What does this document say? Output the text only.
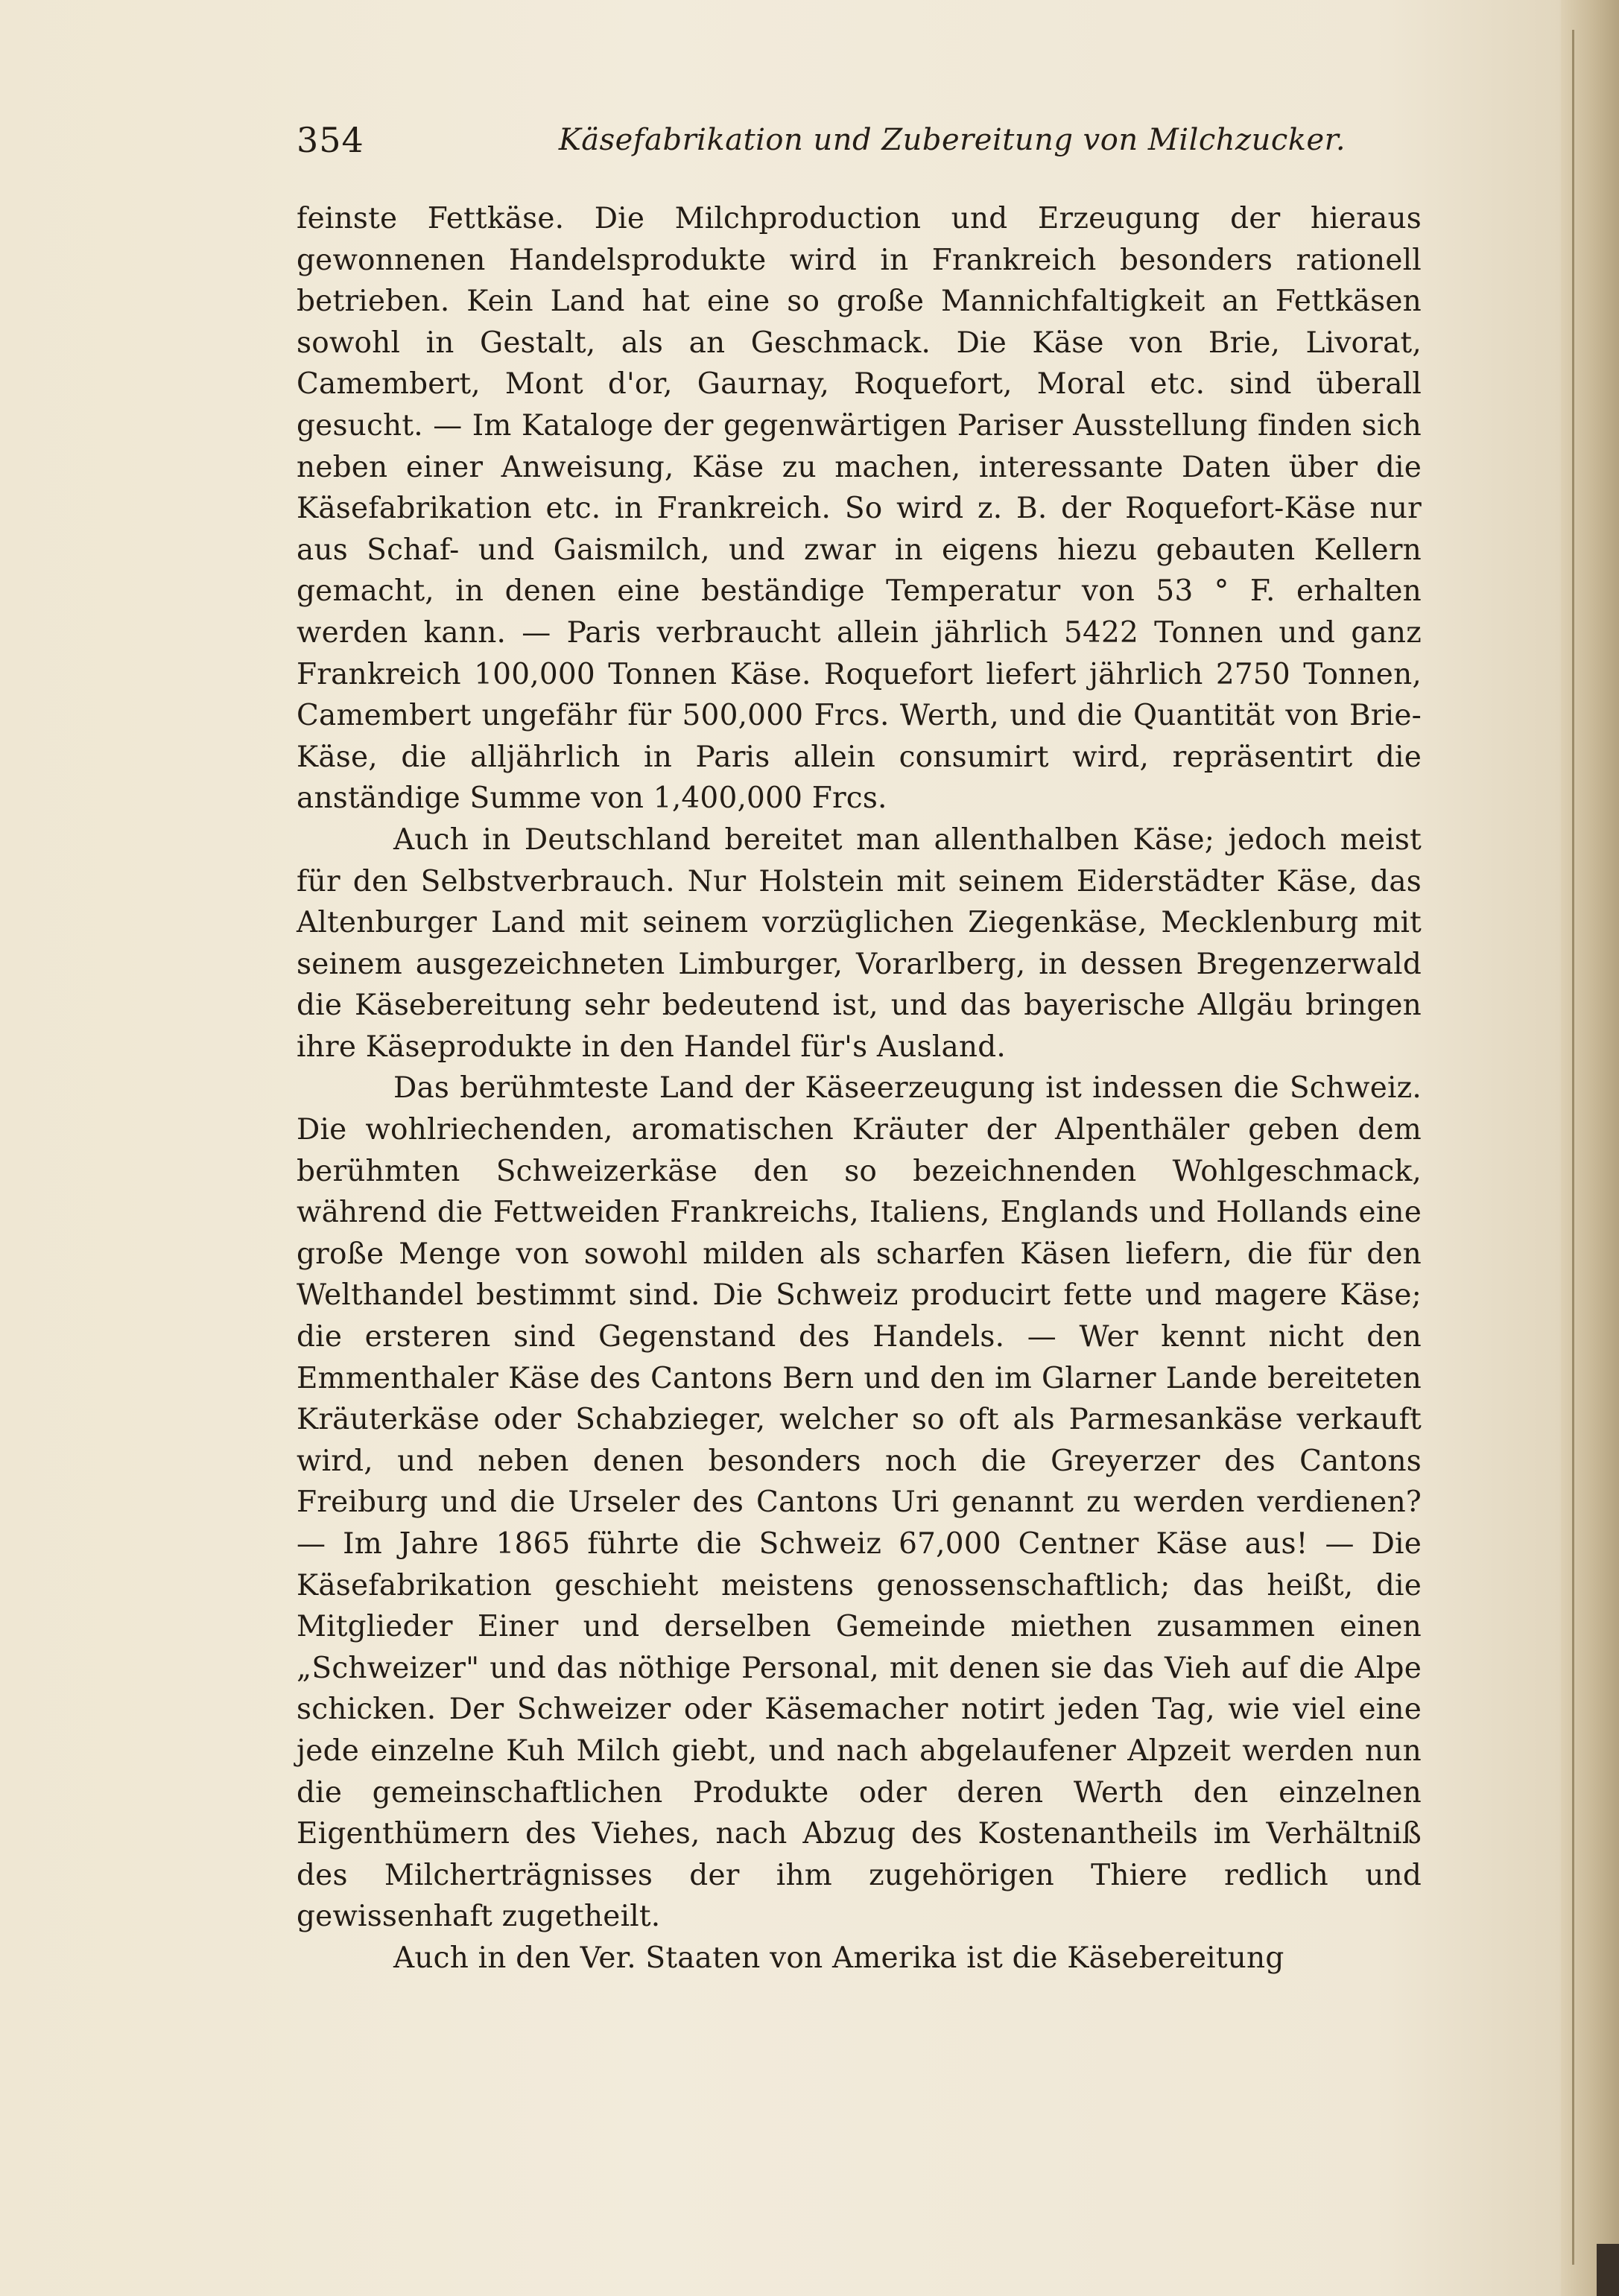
354	Käsefabrikation und Zubereitung von Milchzucker.

feinste Fettkäse. Die Milchproduction und Erzeugung der hieraus gewonnenen Handelsprodukte wird in Frankreich besonders rationell betrieben. Kein Land hat eine so große Mannichfaltigkeit an Fettkäsen sowohl in Gestalt, als an Geschmack. Die Käse von Brie, Livorat, Camembert, Mont d'or, Gaurnay, Roquefort, Moral etc. sind überall gesucht. — Im Kataloge der gegenwärtigen Pariser Ausstellung finden sich neben einer Anweisung, Käse zu machen, interessante Daten über die Käsefabrikation etc. in Frankreich. So wird z. B. der Roquefort-Käse nur aus Schaf- und Gaismilch, und zwar in eigens hiezu gebauten Kellern gemacht, in denen eine beständige Temperatur von 53 ° F. erhalten werden kann. — Paris verbraucht allein jährlich 5422 Tonnen und ganz Frankreich 100,000 Tonnen Käse. Roquefort liefert jährlich 2750 Tonnen, Camembert ungefähr für 500,000 Frcs. Werth, und die Quantität von Brie-Käse, die alljährlich in Paris allein consumirt wird, repräsentirt die anständige Summe von 1,400,000 Frcs.

Auch in Deutschland bereitet man allenthalben Käse; jedoch meist für den Selbstverbrauch. Nur Holstein mit seinem Eiderstädter Käse, das Altenburger Land mit seinem vorzüglichen Ziegenkäse, Mecklenburg mit seinem ausgezeichneten Limburger, Vorarlberg, in dessen Bregenzerwald die Käsebereitung sehr bedeutend ist, und das bayerische Allgäu bringen ihre Käseprodukte in den Handel für's Ausland.

Das berühmteste Land der Käseerzeugung ist indessen die Schweiz. Die wohlriechenden, aromatischen Kräuter der Alpenthäler geben dem berühmten Schweizerkäse den so bezeichnenden Wohlgeschmack, während die Fettweiden Frankreichs, Italiens, Englands und Hollands eine große Menge von sowohl milden als scharfen Käsen liefern, die für den Welthandel bestimmt sind. Die Schweiz producirt fette und magere Käse; die ersteren sind Gegenstand des Handels. — Wer kennt nicht den Emmenthaler Käse des Cantons Bern und den im Glarner Lande bereiteten Kräuterkäse oder Schabzieger, welcher so oft als Parmesankäse verkauft wird, und neben denen besonders noch die Greyerzer des Cantons Freiburg und die Urseler des Cantons Uri genannt zu werden verdienen? — Im Jahre 1865 führte die Schweiz 67,000 Centner Käse aus! — Die Käsefabrikation geschieht meistens genossenschaftlich; das heißt, die Mitglieder Einer und derselben Gemeinde miethen zusammen einen „Schweizer" und das nöthige Personal, mit denen sie das Vieh auf die Alpe schicken. Der Schweizer oder Käsemacher notirt jeden Tag, wie viel eine jede einzelne Kuh Milch giebt, und nach abgelaufener Alpzeit werden nun die gemeinschaftlichen Produkte oder deren Werth den einzelnen Eigenthümern des Viehes, nach Abzug des Kostenantheils im Verhältniß des Milcherträgnisses der ihm zugehörigen Thiere redlich und gewissenhaft zugetheilt.

Auch in den Ver. Staaten von Amerika ist die Käsebereitung
